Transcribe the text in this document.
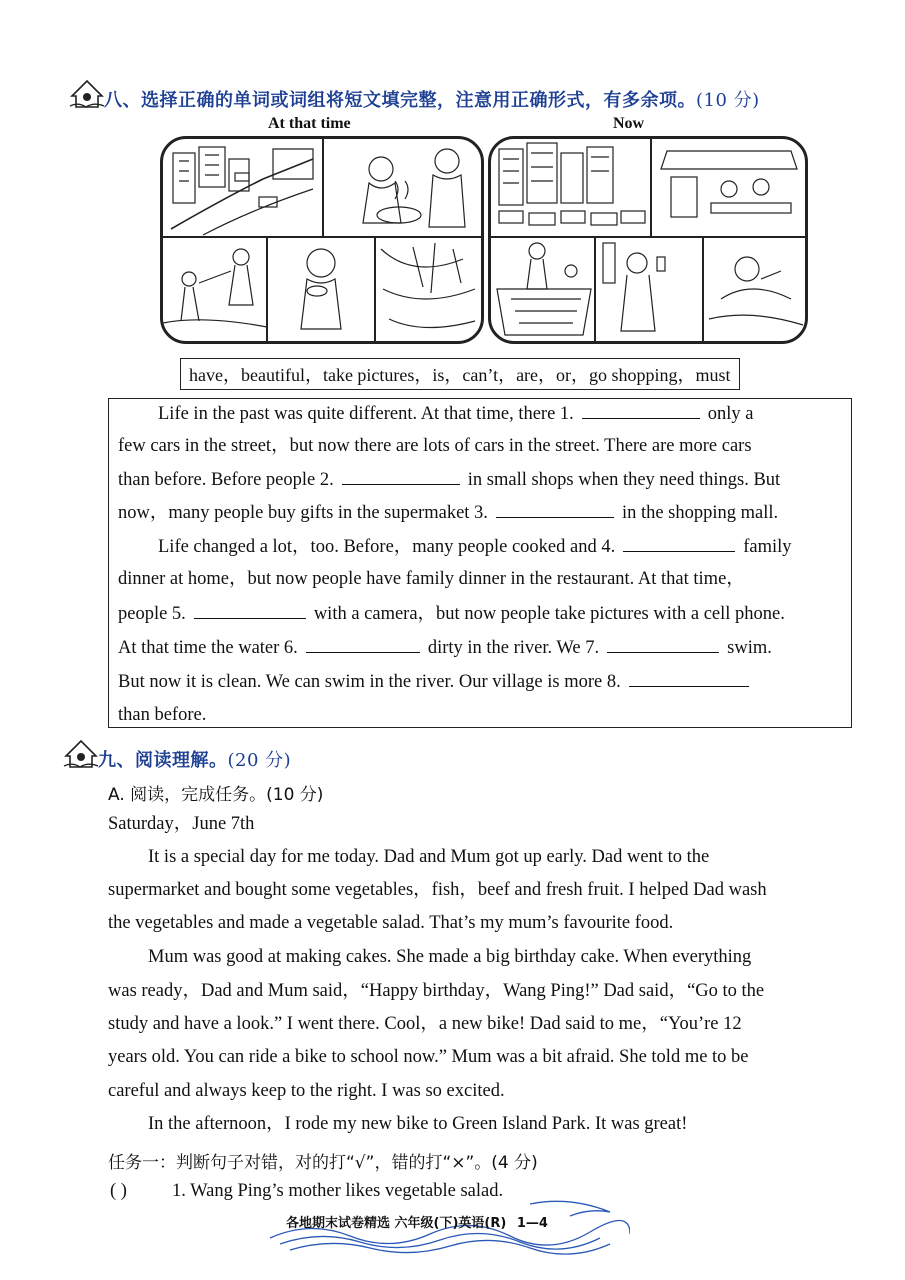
八、选择正确的单词或词组将短文填完整，注意用正确形式，有多余项。(10 分)
At that time	Now
have，beautiful，take pictures，is，can’t，are，or，go shopping，must
Life in the past was quite different. At that time, there 1.	only a
few cars in the street，but now there are lots of cars in the street. There are more cars
than before. Before people 2.	in small shops when they need things. But
now，many people buy gifts in the supermaket 3.	in the shopping mall.
Life changed a lot，too. Before，many people cooked and 4.	family
dinner at home，but now people have family dinner in the restaurant. At that time，
people 5.	with a camera，but now people take pictures with a cell phone.
At that time the water 6.	dirty in the river. We 7.	swim.
But now it is clean. We can swim in the river. Our village is more 8.
than before.
九、阅读理解。(20 分)
A. 阅读，完成任务。(10 分)
Saturday，June 7th
It is a special day for me today. Dad and Mum got up early. Dad went to the
supermarket and bought some vegetables，fish，beef and fresh fruit. I helped Dad wash
the vegetables and made a vegetable salad. That’s my mum’s favourite food.
Mum was good at making cakes. She made a big birthday cake. When everything
was ready，Dad and Mum said，“Happy birthday，Wang Ping!” Dad said，“Go to the
study and have a look.” I went there. Cool，a new bike! Dad said to me，“You’re 12
years old. You can ride a bike to school now.” Mum was a bit afraid. She told me to be
careful and always keep to the right. I was so excited.
In the afternoon，I rode my new bike to Green Island Park. It was great!
任务一：判断句子对错，对的打“√”，错的打“×”。(4 分)
( ) 1. Wang Ping’s mother likes vegetable salad.
各地期末试卷精选 六年级(下)英语(R) 1—4
